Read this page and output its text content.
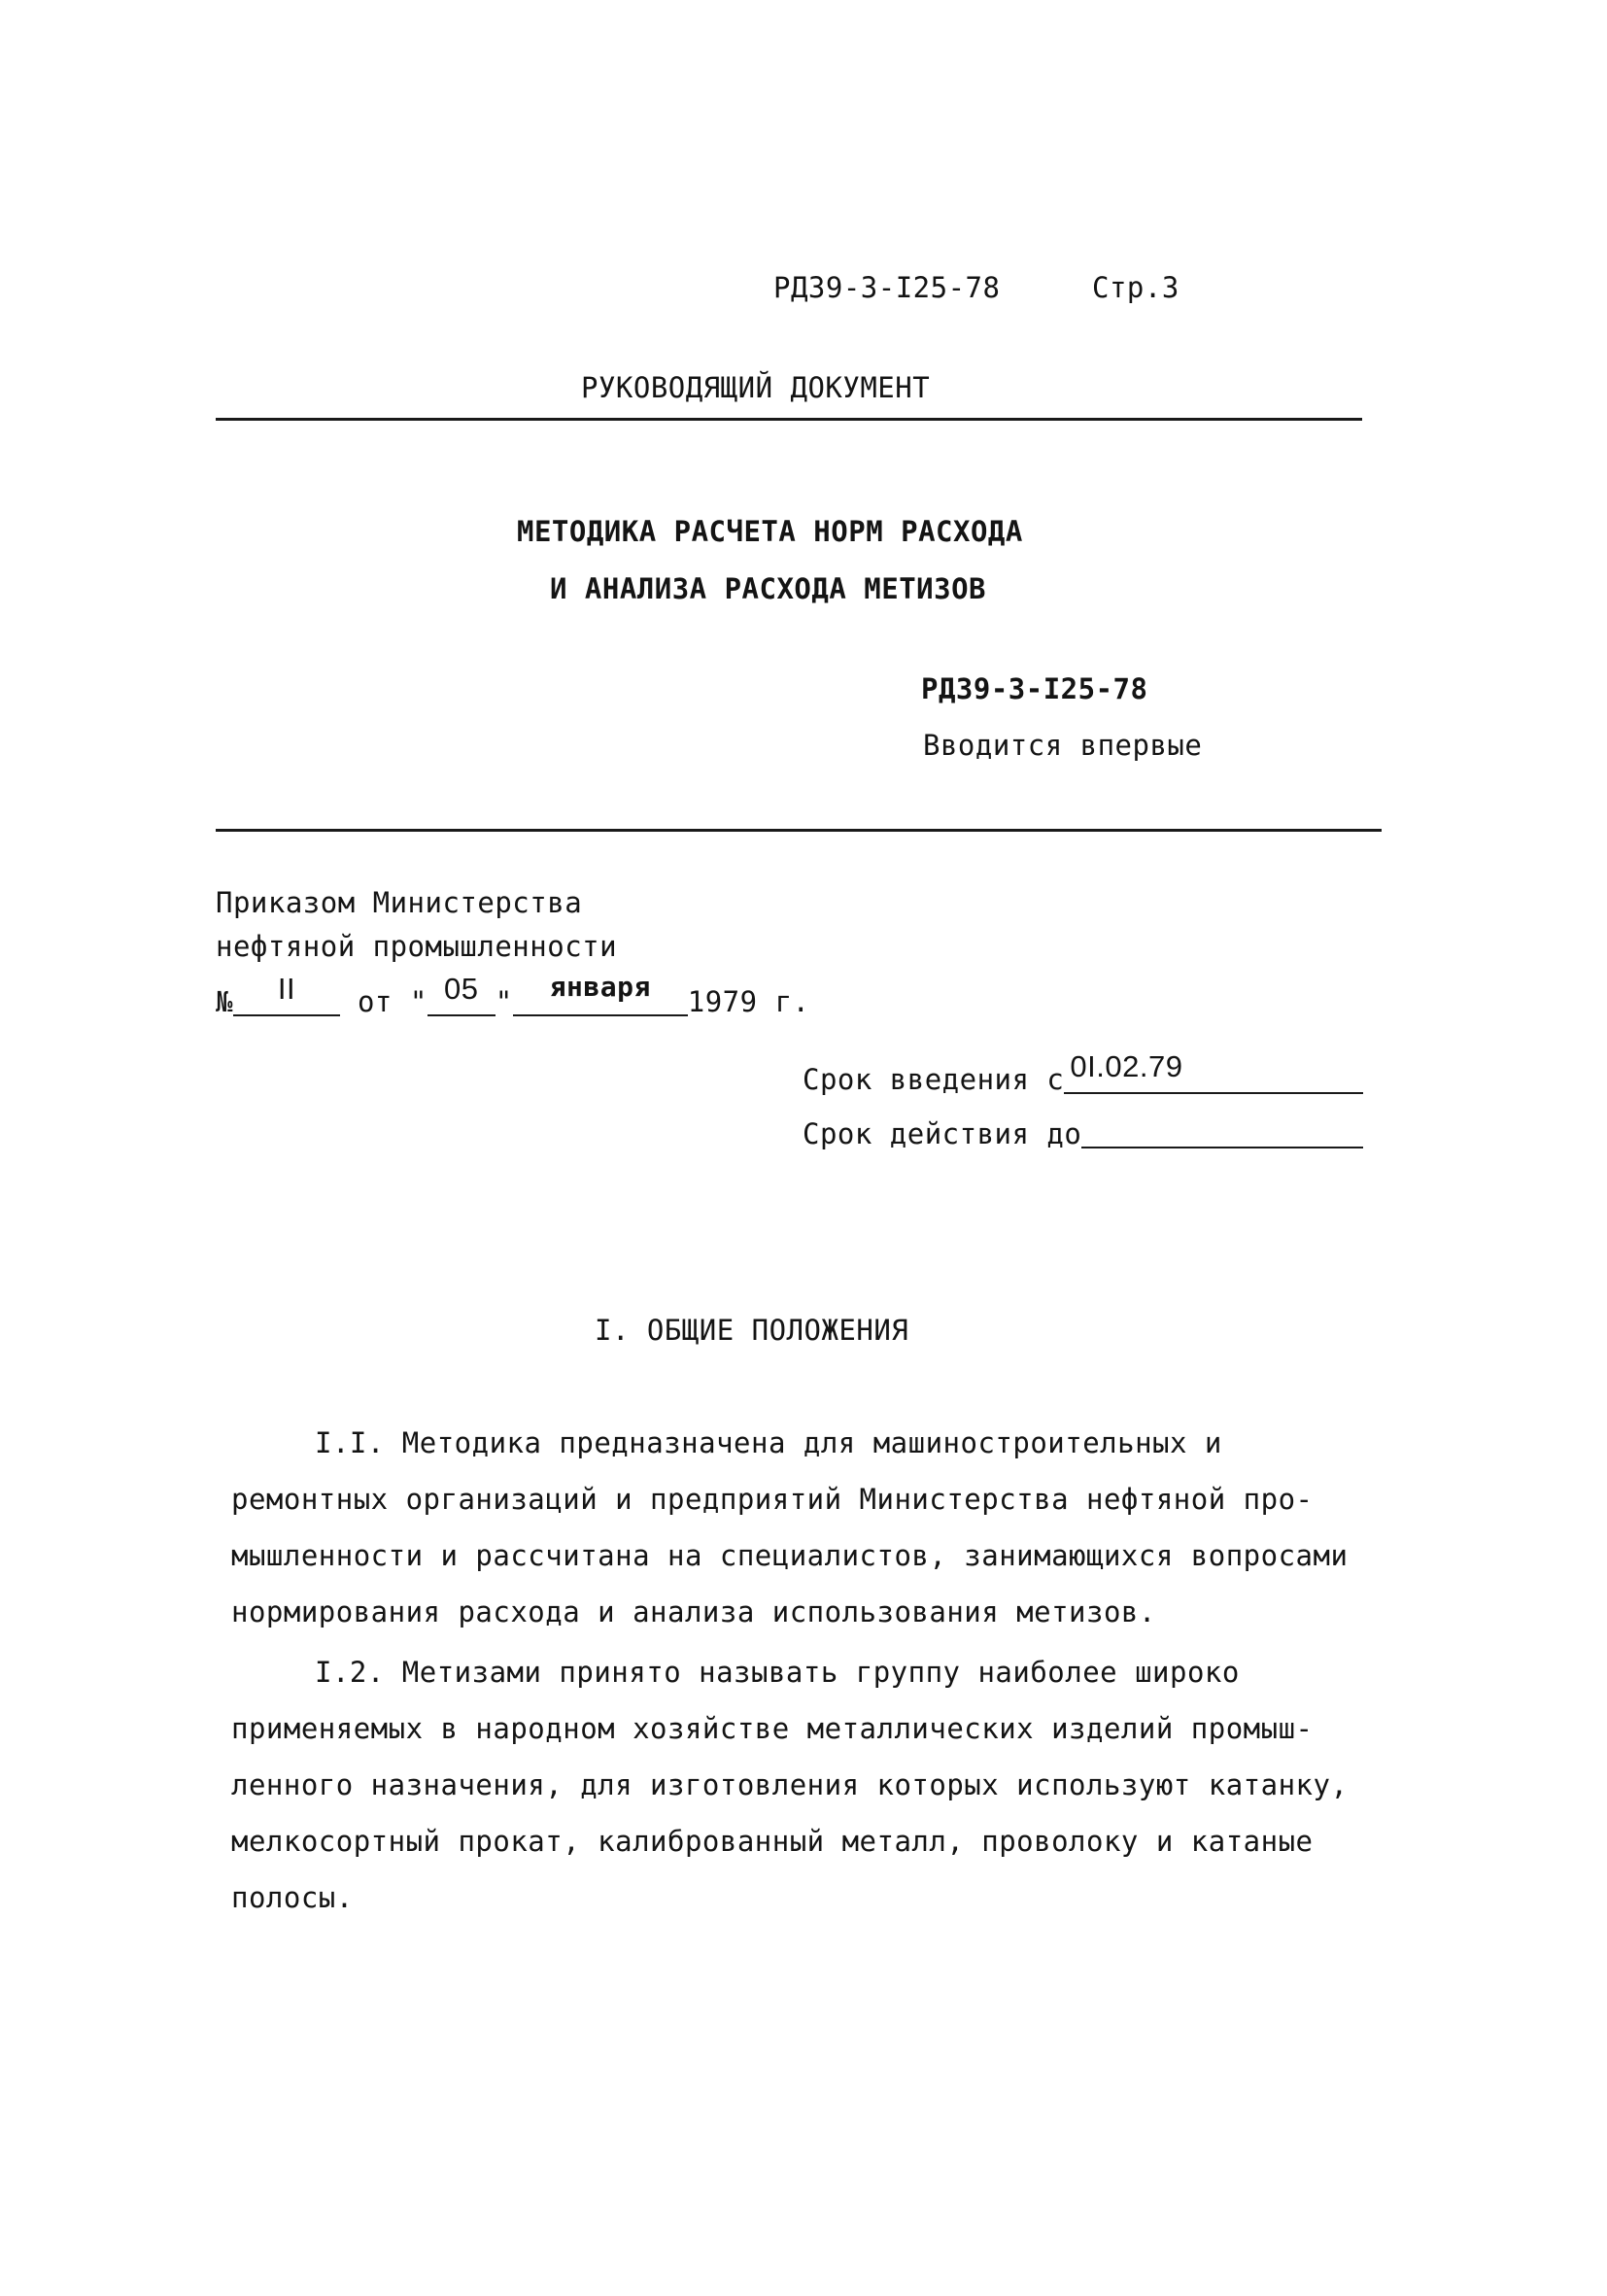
РД39-3-I25-78	Стр.3
РУКОВОДЯЩИЙ ДОКУМЕНТ
МЕТОДИКА РАСЧЕТА НОРМ РАСХОДА
И АНАЛИЗА РАСХОДА МЕТИЗОВ
РД39-3-I25-78
Вводится впервые
Приказом Министерства
нефтяной промышленности
№ II от " 05 " января 1979 г.
Срок введения с 0I.02.79
Срок действия до
I. ОБЩИЕ ПОЛОЖЕНИЯ

I.I. Методика предназначена для машиностроительных и

ремонтных организаций и предприятий Министерства нефтяной про-

мышленности и рассчитана на специалистов, занимающихся вопросами

нормирования расхода и анализа использования метизов.

I.2. Метизами принято называть группу наиболее широко

применяемых в народном хозяйстве металлических изделий промыш-

ленного назначения, для изготовления которых используют катанку,

мелкосортный прокат, калиброванный металл, проволоку и катаные

полосы.
